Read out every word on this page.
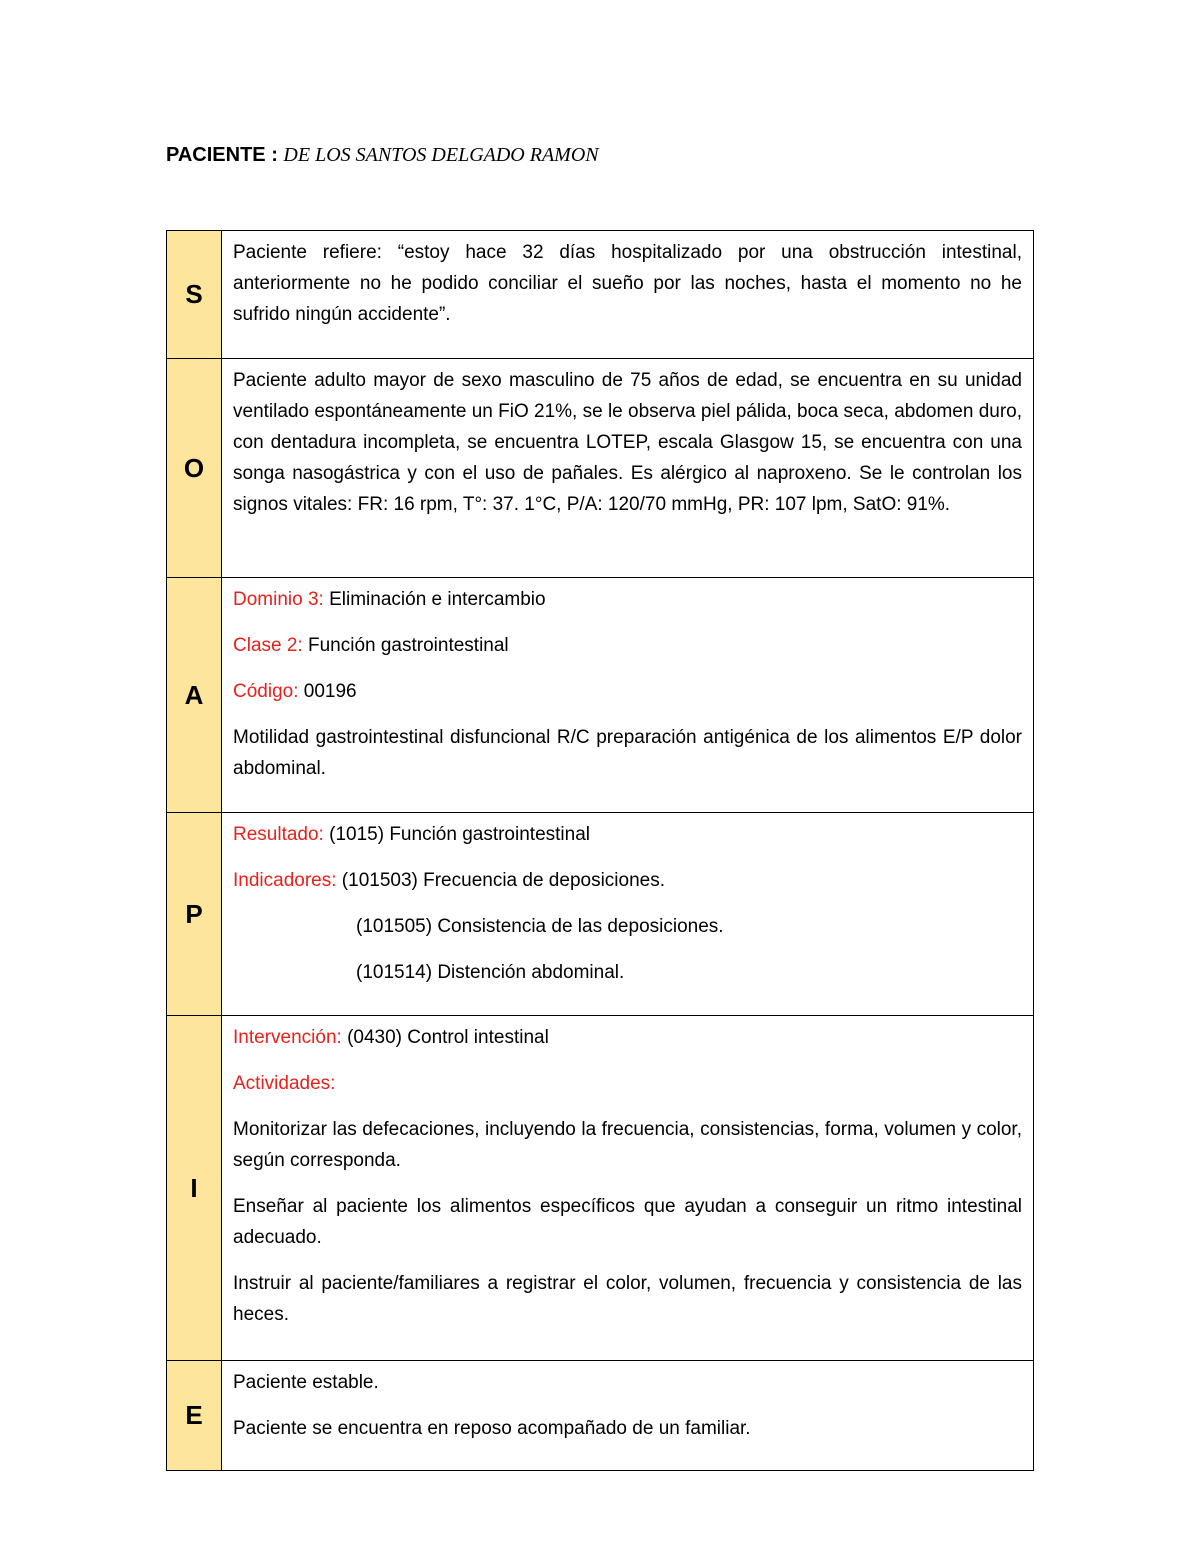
PACIENTE : DE LOS SANTOS DELGADO RAMON
S	Paciente refiere: “estoy hace 32 días hospitalizado por una obstrucción intestinal, anteriormente no he podido conciliar el sueño por las noches, hasta el momento no he sufrido ningún accidente”.

O	Paciente adulto mayor de sexo masculino de 75 años de edad, se encuentra en su unidad ventilado espontáneamente un FiO 21%, se le observa piel pálida, boca seca, abdomen duro, con dentadura incompleta, se encuentra LOTEP, escala Glasgow 15, se encuentra con una songa nasogástrica y con el uso de pañales. Es alérgico al naproxeno. Se le controlan los signos vitales: FR: 16 rpm, T°: 37. 1°C, P/A: 120/70 mmHg, PR: 107 lpm, SatO: 91%.

A	Dominio 3: Eliminación e intercambio

Clase 2: Función gastrointestinal

Código: 00196

Motilidad gastrointestinal disfuncional R/C preparación antigénica de los alimentos E/P dolor abdominal.

P	Resultado: (1015) Función gastrointestinal

Indicadores: (101503) Frecuencia de deposiciones.

(101505) Consistencia de las deposiciones.

(101514) Distención abdominal.

I	Intervención: (0430) Control intestinal

Actividades:

Monitorizar las defecaciones, incluyendo la frecuencia, consistencias, forma, volumen y color, según corresponda.

Enseñar al paciente los alimentos específicos que ayudan a conseguir un ritmo intestinal adecuado.

Instruir al paciente/familiares a registrar el color, volumen, frecuencia y consistencia de las heces.

E	Paciente estable.

Paciente se encuentra en reposo acompañado de un familiar.
